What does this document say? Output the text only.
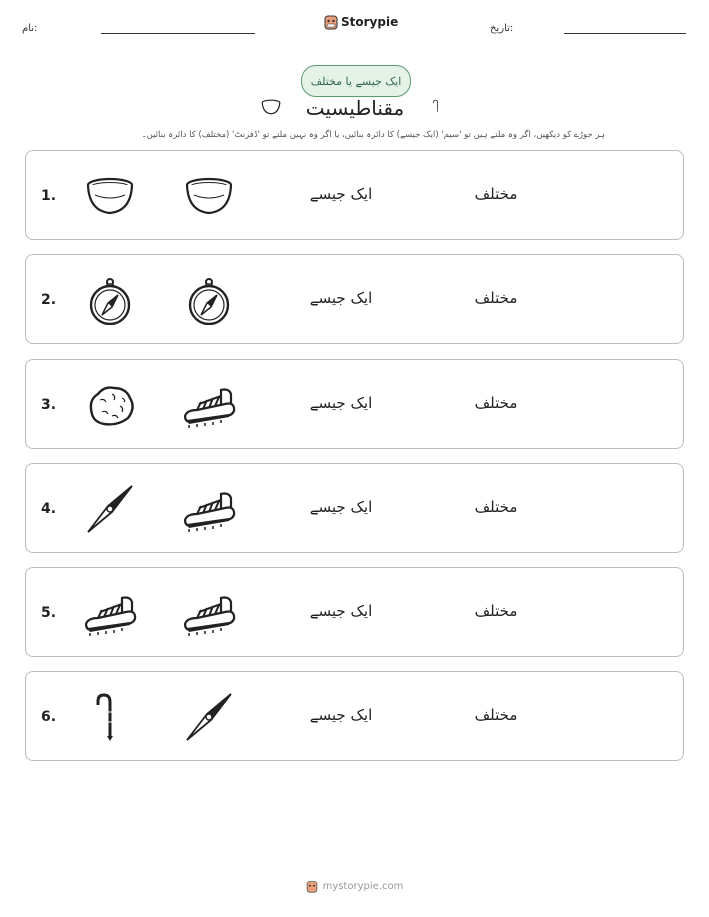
نام:	Storypie	تاریخ:
ایک جیسے یا مختلف
مقناطیسیت
ہر جوڑے کو دیکھیں، اگر وہ ملتے ہیں تو 'سیم' (ایک جیسے) کا دائرہ بنائیں، یا اگر وہ نہیں ملتے تو 'ڈفرنٹ' (مختلف) کا دائرہ بنائیں۔
1.	ایک جیسے	مختلف
2.	ایک جیسے	مختلف
3.	ایک جیسے	مختلف
4.	ایک جیسے	مختلف
5.	ایک جیسے	مختلف
6.	ایک جیسے	مختلف
mystorypie.com
